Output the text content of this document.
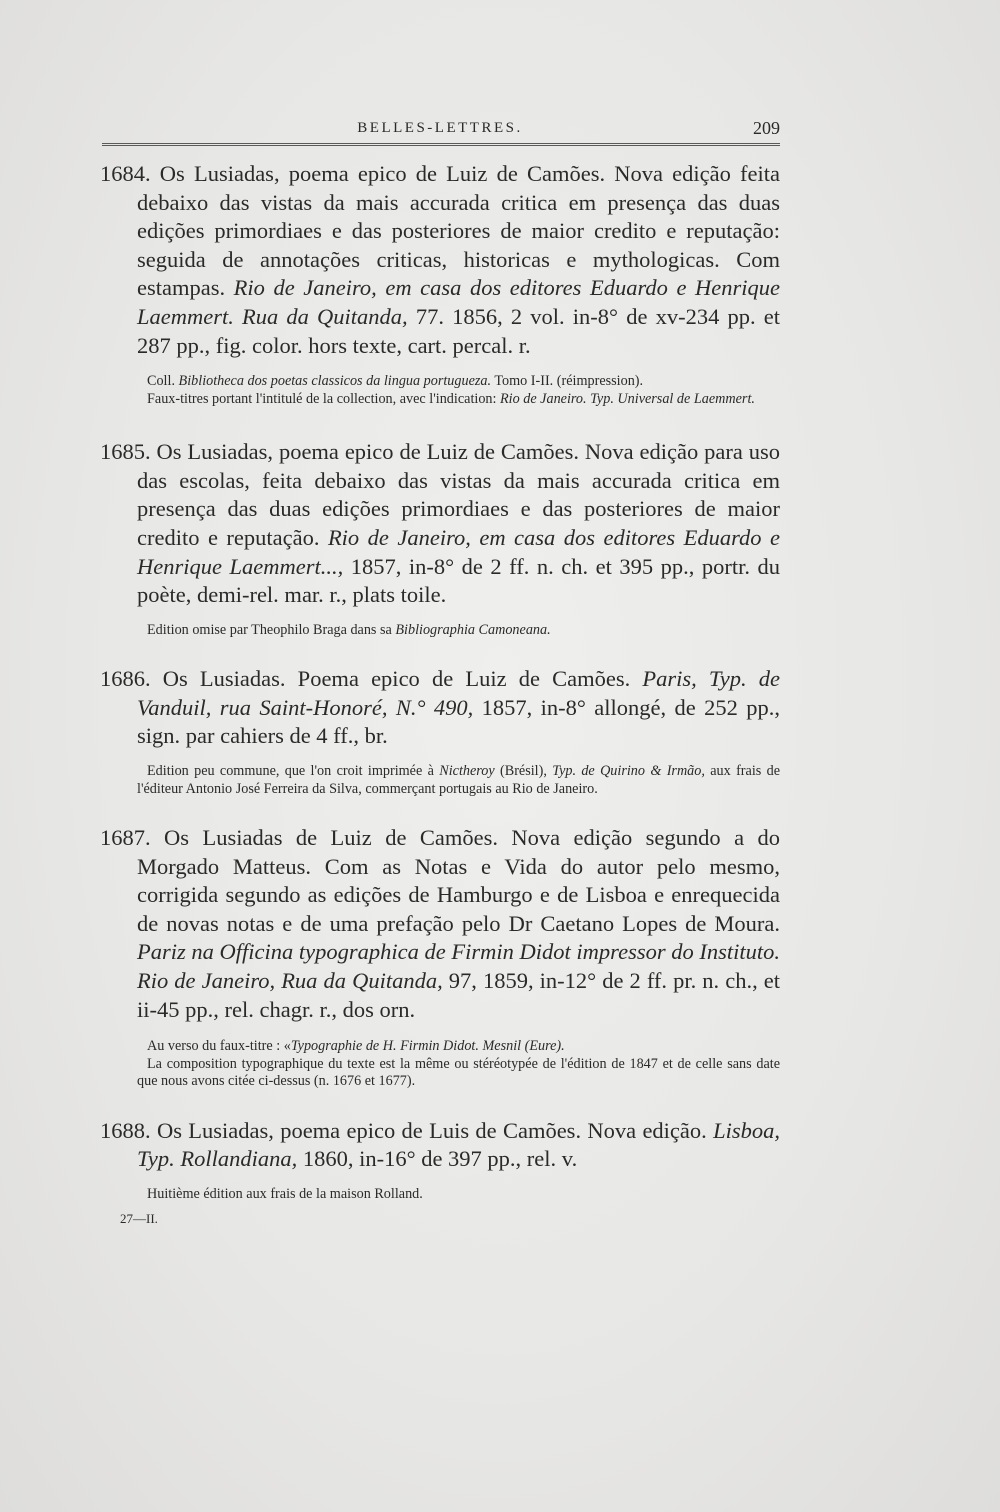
BELLES-LETTRES.	209
1684. Os Lusiadas, poema epico de Luiz de Camões. Nova edição feita debaixo das vistas da mais accurada critica em presença das duas edições primordiaes e das posteriores de maior credito e reputação: seguida de annotações criticas, historicas e mythologicas. Com estampas. Rio de Janeiro, em casa dos editores Eduardo e Henrique Laemmert. Rua da Quitanda, 77. 1856, 2 vol. in-8° de xv-234 pp. et 287 pp., fig. color. hors texte, cart. percal. r.

Coll. Bibliotheca dos poetas classicos da lingua portugueza. Tomo I-II. (réimpression).

Faux-titres portant l'intitulé de la collection, avec l'indication: Rio de Janeiro. Typ. Universal de Laemmert.

1685. Os Lusiadas, poema epico de Luiz de Camões. Nova edição para uso das escolas, feita debaixo das vistas da mais accurada critica em presença das duas edições primordiaes e das posteriores de maior credito e reputação. Rio de Janeiro, em casa dos editores Eduardo e Henrique Laemmert..., 1857, in-8° de 2 ff. n. ch. et 395 pp., portr. du poète, demi-rel. mar. r., plats toile.

Edition omise par Theophilo Braga dans sa Bibliographia Camoneana.

1686. Os Lusiadas. Poema epico de Luiz de Camões. Paris, Typ. de Vanduil, rua Saint-Honoré, N.° 490, 1857, in-8° allongé, de 252 pp., sign. par cahiers de 4 ff., br.

Edition peu commune, que l'on croit imprimée à Nictheroy (Brésil), Typ. de Quirino & Irmão, aux frais de l'éditeur Antonio José Ferreira da Silva, commerçant portugais au Rio de Janeiro.

1687. Os Lusiadas de Luiz de Camões. Nova edição segundo a do Morgado Matteus. Com as Notas e Vida do autor pelo mesmo, corrigida segundo as edições de Hamburgo e de Lisboa e enrequecida de novas notas e de uma prefação pelo Dr Caetano Lopes de Moura. Pariz na Officina typographica de Firmin Didot impressor do Instituto. Rio de Janeiro, Rua da Quitanda, 97, 1859, in-12° de 2 ff. pr. n. ch., et ii-45 pp., rel. chagr. r., dos orn.

Au verso du faux-titre : «Typographie de H. Firmin Didot. Mesnil (Eure).

La composition typographique du texte est la même ou stéréotypée de l'édition de 1847 et de celle sans date que nous avons citée ci-dessus (n. 1676 et 1677).

1688. Os Lusiadas, poema epico de Luis de Camões. Nova edição. Lisboa, Typ. Rollandiana, 1860, in-16° de 397 pp., rel. v.

Huitième édition aux frais de la maison Rolland.

27—II.
